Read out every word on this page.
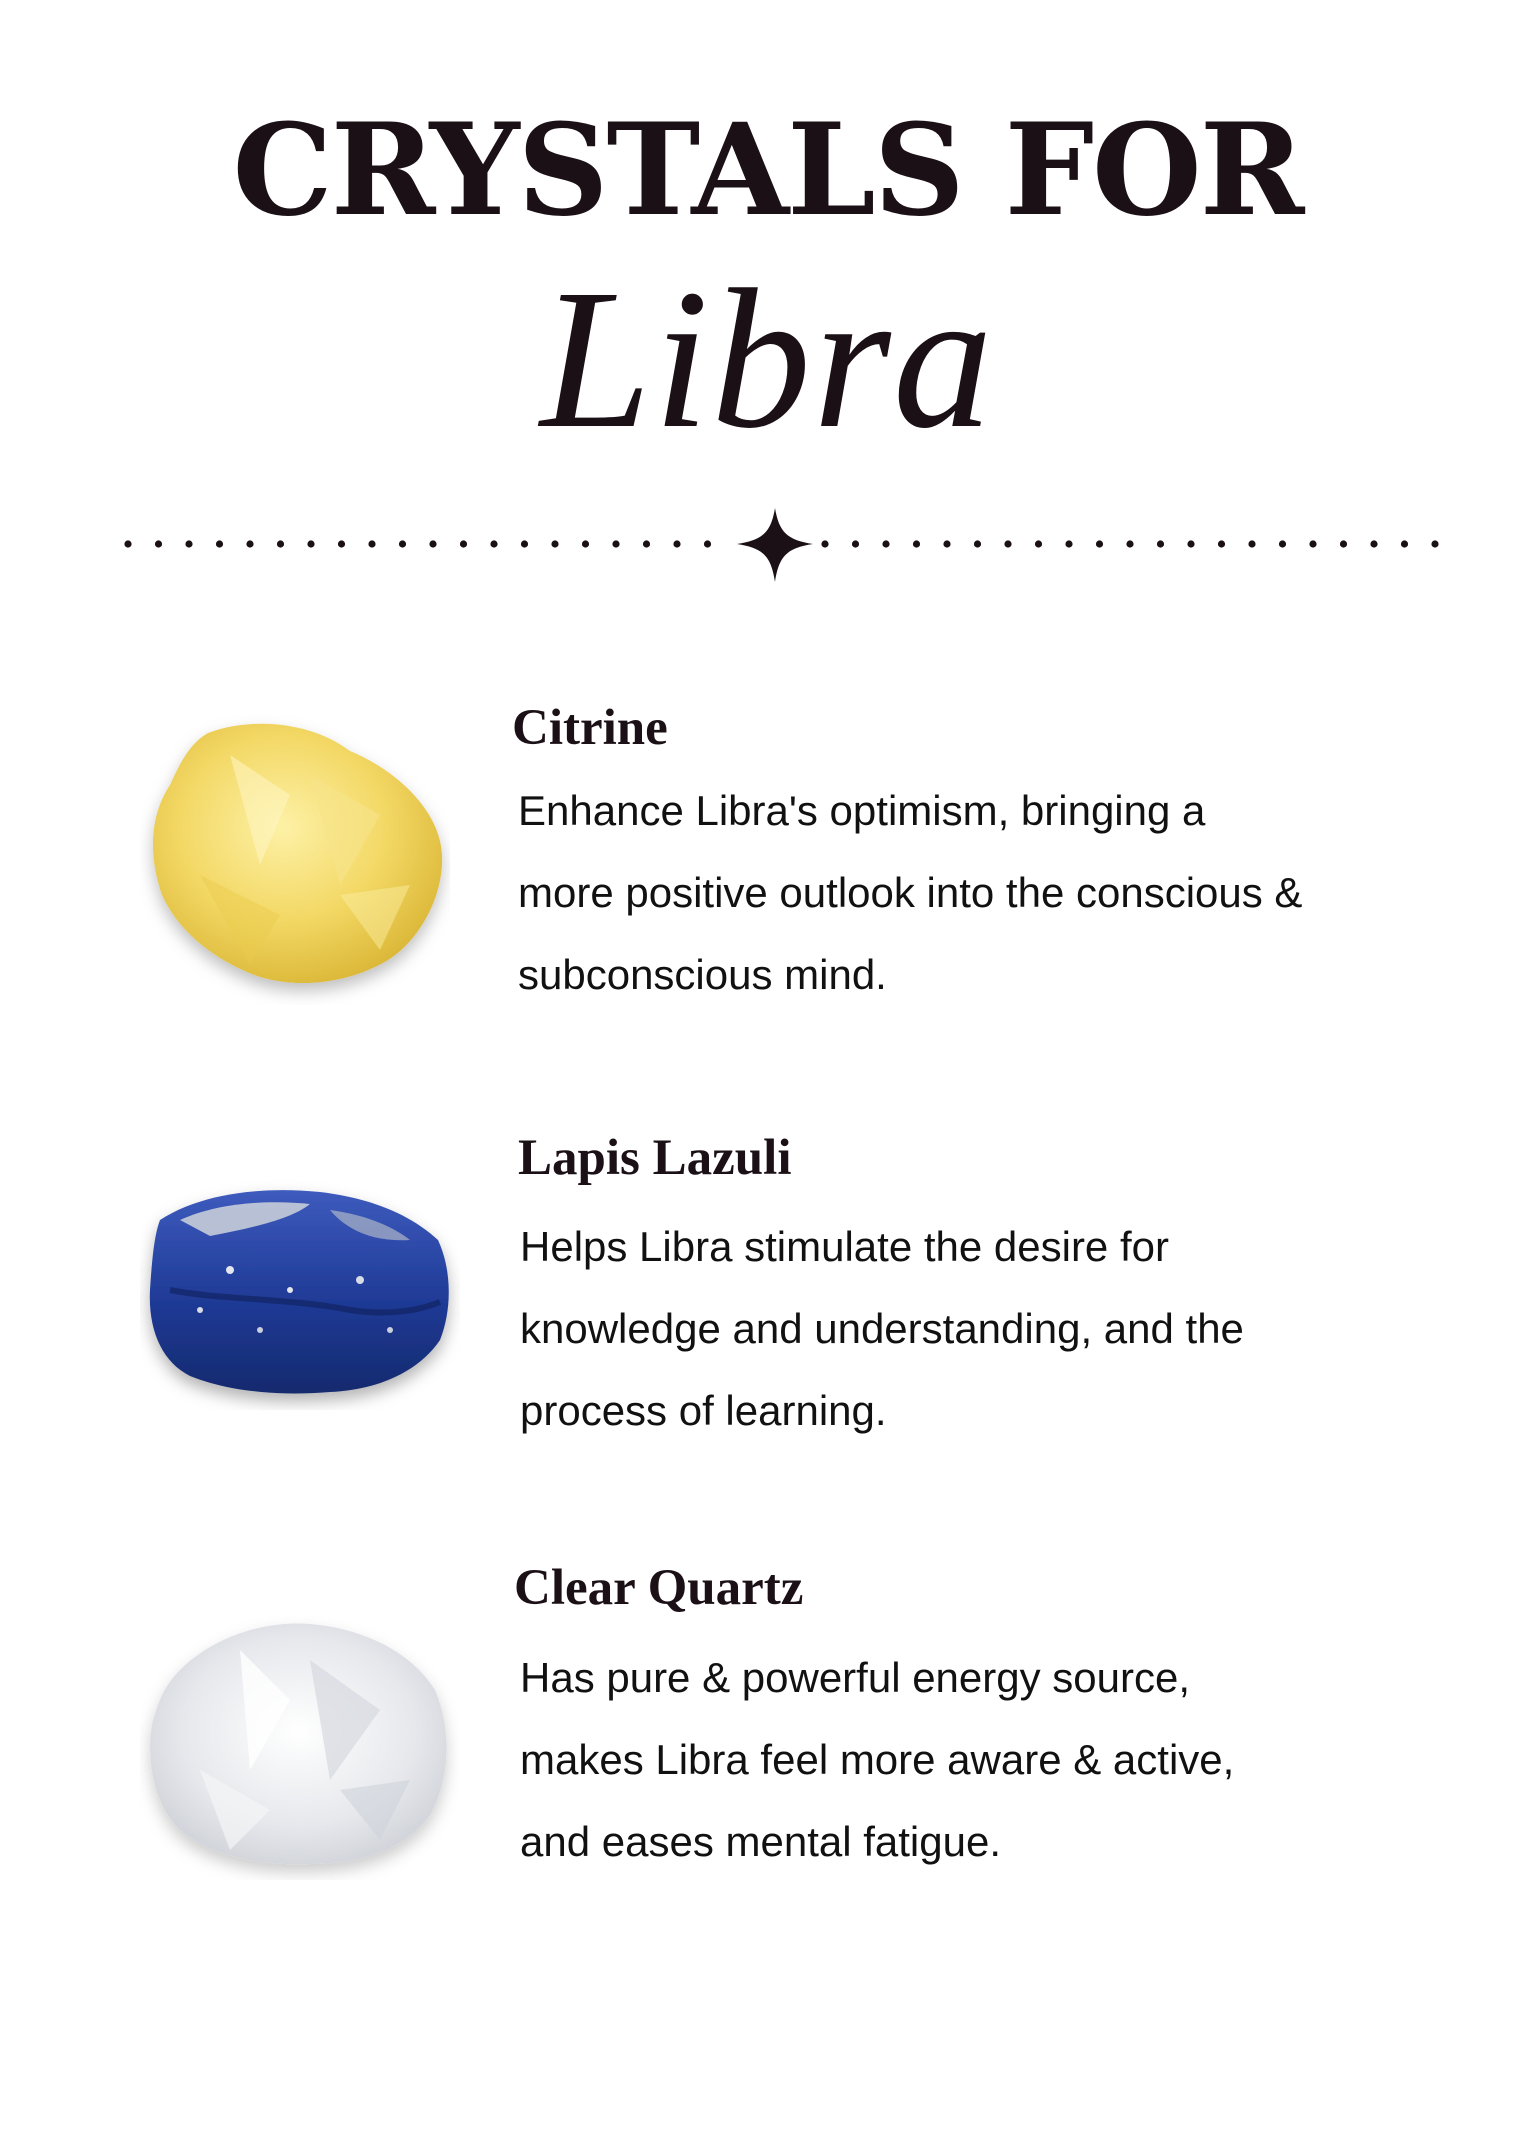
CRYSTALS FOR
Libra
Citrine
Enhance Libra's optimism, bringing a
more positive outlook into the conscious &
subconscious mind.
Lapis Lazuli
Helps Libra stimulate the desire for
knowledge and understanding, and the
process of learning.
Clear Quartz
Has pure & powerful energy source,
makes Libra feel more aware & active,
and eases mental fatigue.
